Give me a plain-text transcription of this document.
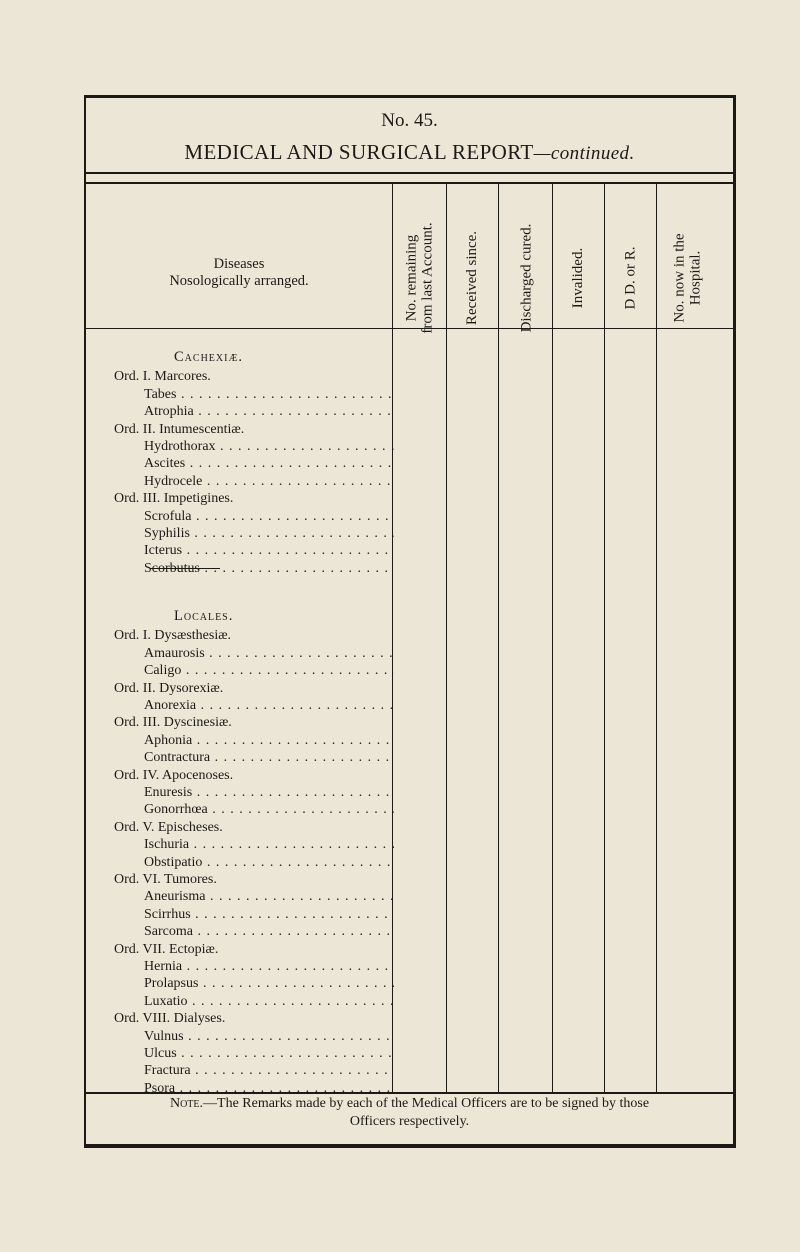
No. 45.
MEDICAL AND SURGICAL REPORT—continued.
Diseases
Nosologically arranged.
No. remaining
from last Account. Received since.	Discharged cured. Invalided. D D. or R.
No. now in the
Hospital.
Cachexiæ.
Ord. I. Marcores.
Tabes . .
Atrophia . .
Ord. II. Intumescentiæ.
Hydrothorax . .
Ascites . .
Hydrocele . .
Ord. III. Impetigines.
Scrofula . .
Syphilis . .
Icterus . .
Scorbutus . .
Locales.
Ord. I. Dysæsthesiæ.
Amaurosis . .
Caligo . .
Ord. II. Dysorexiæ.
Anorexia . .
Ord. III. Dyscinesiæ.
Aphonia . .
Contractura . .
Ord. IV. Apocenoses.
Enuresis . .
Gonorrhœa . .
Ord. V. Epischeses.
Ischuria . .
Obstipatio . .
Ord. VI. Tumores.
Aneurisma . .
Scirrhus . .
Sarcoma . .
Ord. VII. Ectopiæ.
Hernia . .
Prolapsus . .
Luxatio . .
Ord. VIII. Dialyses.
Vulnus . .
Ulcus . .
Fractura . .
Psora . .
Note.—The Remarks made by each of the Medical Officers are to be signed by those
Officers respectively.
